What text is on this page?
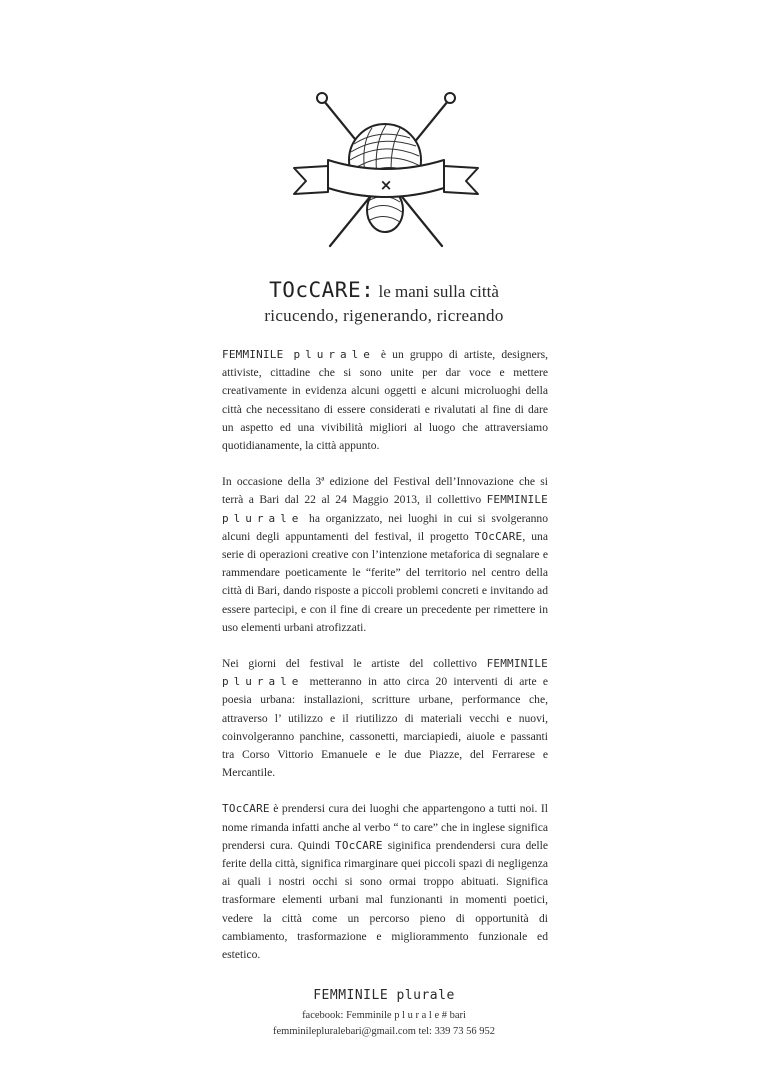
×
TOcCARE: le mani sulla città
ricucendo, rigenerando, ricreando

FEMMINILE plurale è un gruppo di artiste, designers, attiviste, cittadine che si sono unite per dar voce e mettere creativamente in evidenza alcuni oggetti e alcuni microluoghi della città che necessitano di essere considerati e rivalutati al fine di dare un aspetto ed una vivibilità migliori al luogo che attraversiamo quotidianamente, la città appunto.

In occasione della 3ª edizione del Festival dell’Innovazione che si terrà a Bari dal 22 al 24 Maggio 2013, il collettivo FEMMINILE plurale ha organizzato, nei luoghi in cui si svolgeranno alcuni degli appuntamenti del festival, il progetto TOcCARE, una serie di operazioni creative con l’intenzione metaforica di segnalare e rammendare poeticamente le “ferite” del territorio nel centro della città di Bari, dando risposte a piccoli problemi concreti e invitando ad essere partecipi, e con il fine di creare un precedente per rimettere in uso elementi urbani atrofizzati.

Nei giorni del festival le artiste del collettivo FEMMINILE plurale metteranno in atto circa 20 interventi di arte e poesia urbana: installazioni, scritture urbane, performance che, attraverso l’ utilizzo e il riutilizzo di materiali vecchi e nuovi, coinvolgeranno panchine, cassonetti, marciapiedi, aiuole e passanti tra Corso Vittorio Emanuele e le due Piazze, del Ferrarese e Mercantile.

TOcCARE è prendersi cura dei luoghi che appartengono a tutti noi. Il nome rimanda infatti anche al verbo “ to care” che in inglese significa prendersi cura. Quindi TOcCARE siginifica prendendersi cura delle ferite della città, significa rimarginare quei piccoli spazi di negligenza ai quali i nostri occhi si sono ormai troppo abituati. Significa trasformare elementi urbani mal funzionanti in momenti poetici, vedere la città come un percorso pieno di opportunità di cambiamento, trasformazione e migliorammento funzionale ed estetico.

FEMMINILE plurale
facebook: Femminile p l u r a l e # bari
femminilepluralebari@gmail.com tel: 339 73 56 952
